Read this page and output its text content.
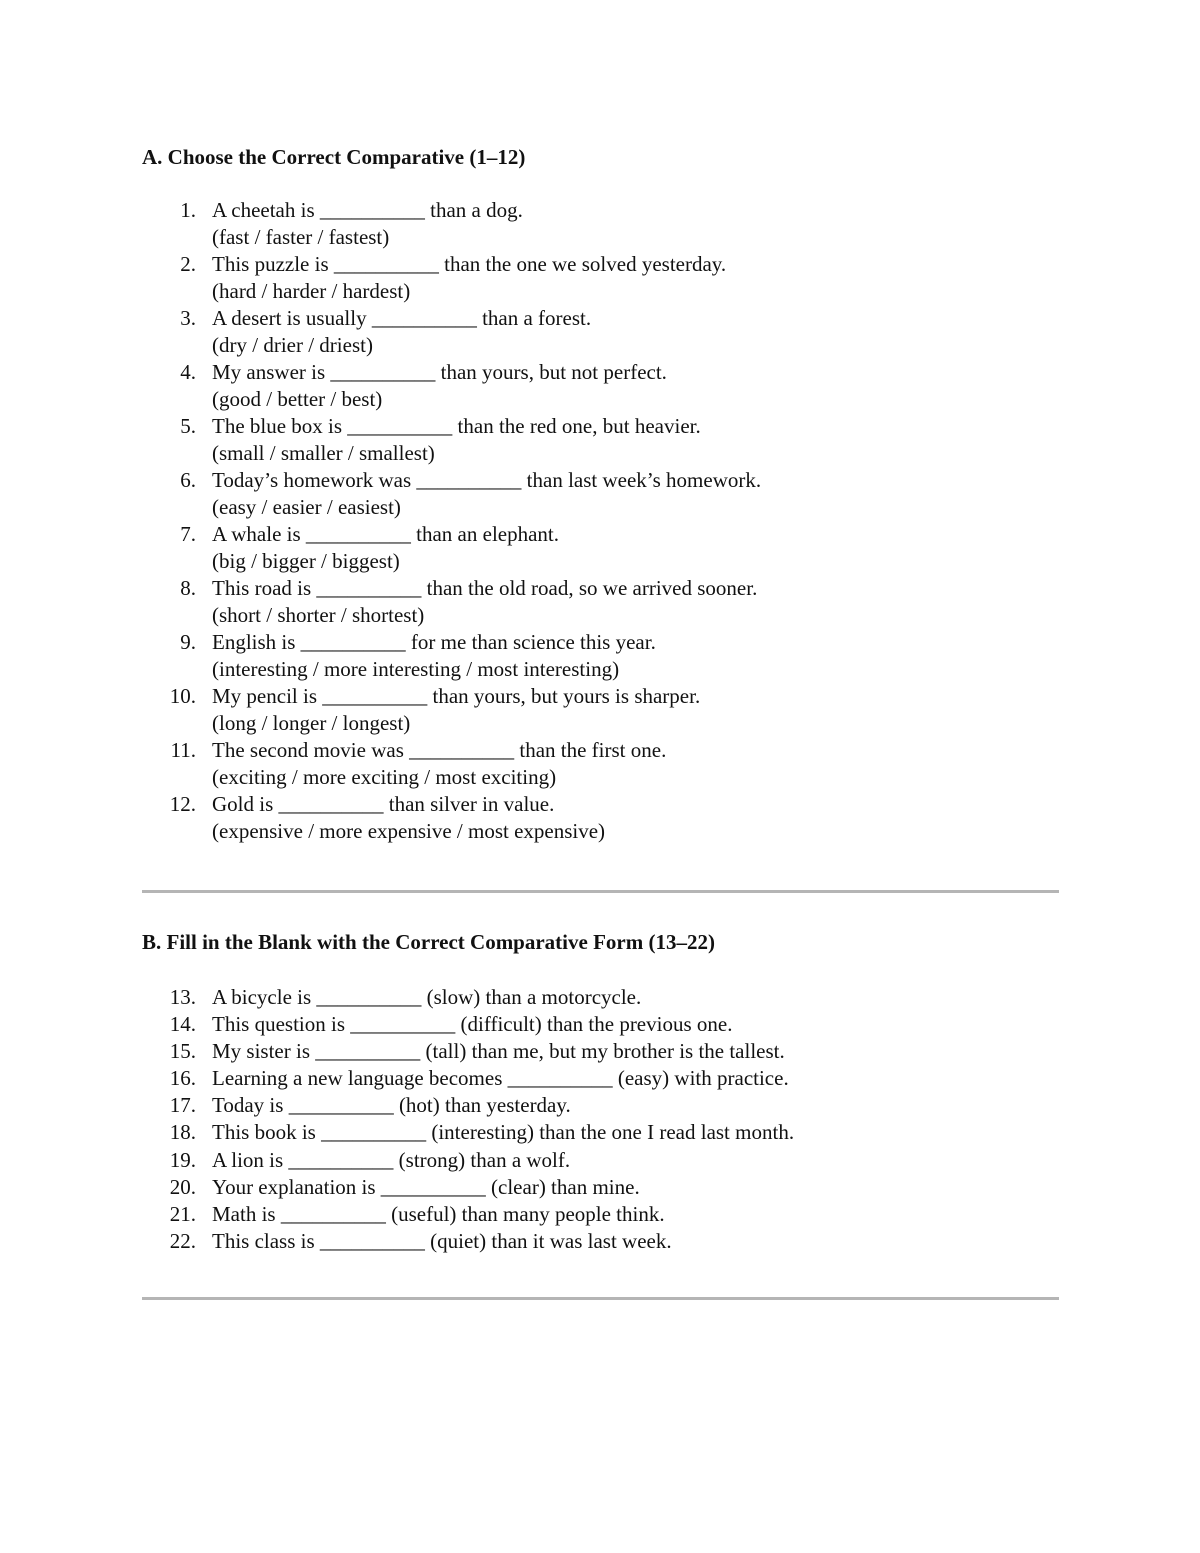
A. Choose the Correct Comparative (1–12)
1. A cheetah is __________ than a dog.
(fast / faster / fastest)
2. This puzzle is __________ than the one we solved yesterday.
(hard / harder / hardest)
3. A desert is usually __________ than a forest.
(dry / drier / driest)
4. My answer is __________ than yours, but not perfect.
(good / better / best)
5. The blue box is __________ than the red one, but heavier.
(small / smaller / smallest)
6. Today’s homework was __________ than last week’s homework.
(easy / easier / easiest)
7. A whale is __________ than an elephant.
(big / bigger / biggest)
8. This road is __________ than the old road, so we arrived sooner.
(short / shorter / shortest)
9. English is __________ for me than science this year.
(interesting / more interesting / most interesting)
10. My pencil is __________ than yours, but yours is sharper.
(long / longer / longest)
11. The second movie was __________ than the first one.
(exciting / more exciting / most exciting)
12. Gold is __________ than silver in value.
(expensive / more expensive / most expensive)
B. Fill in the Blank with the Correct Comparative Form (13–22)
13. A bicycle is __________ (slow) than a motorcycle.
14. This question is __________ (difficult) than the previous one.
15. My sister is __________ (tall) than me, but my brother is the tallest.
16. Learning a new language becomes __________ (easy) with practice.
17. Today is __________ (hot) than yesterday.
18. This book is __________ (interesting) than the one I read last month.
19. A lion is __________ (strong) than a wolf.
20. Your explanation is __________ (clear) than mine.
21. Math is __________ (useful) than many people think.
22. This class is __________ (quiet) than it was last week.
